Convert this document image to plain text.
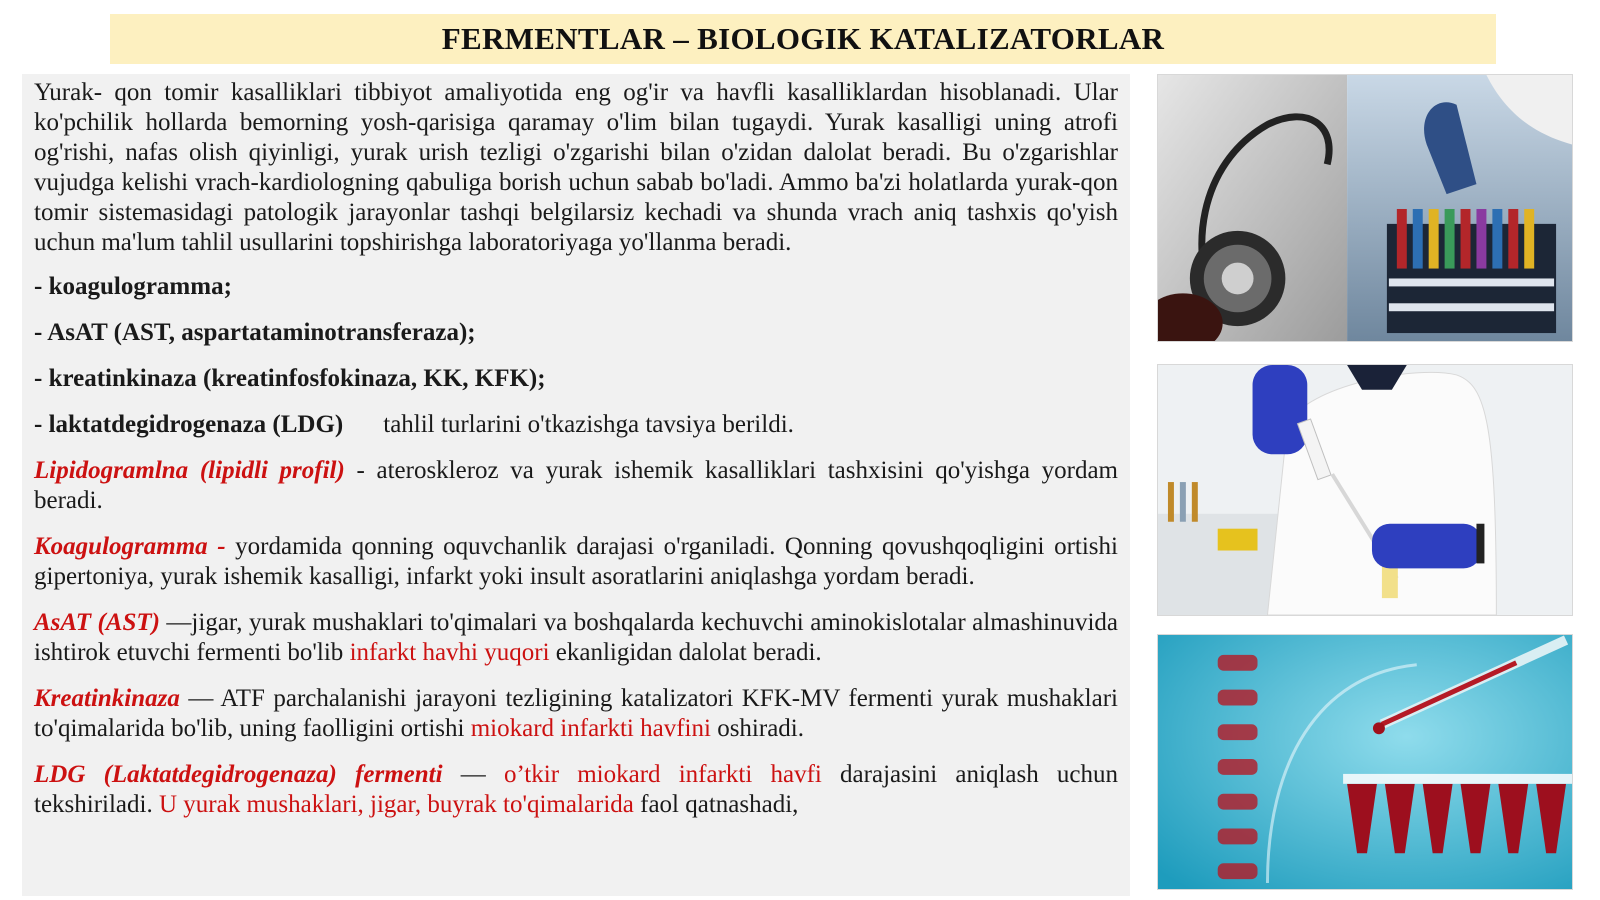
FERMENTLAR – BIOLOGIK KATALIZATORLAR

Yurak- qon tomir kasalliklari tibbiyot amaliyotida eng og'ir va havfli kasalliklardan hisoblanadi. Ular ko'pchilik hollarda bemorning yosh-qarisiga qaramay o'lim bilan tugaydi. Yurak kasalligi uning atrofi og'rishi, nafas olish qiyinligi, yurak urish tezligi o'zgarishi bilan o'zidan dalolat beradi. Bu o'zgarishlar vujudga kelishi vrach-kardiologning qabuliga borish uchun sabab bo'ladi. Ammo ba'zi holatlarda yurak-qon tomir sistemasidagi patologik jarayonlar tashqi belgilarsiz kechadi va shunda vrach aniq tashxis qo'yish uchun ma'lum tahlil usullarini topshirishga laboratoriyaga yo'llanma beradi.

- koagulogramma;

- AsAT (AST, aspartataminotransferaza);

- kreatinkinaza (kreatinfosfokinaza, KK, KFK);

- laktatdegidrogenaza (LDG) tahlil turlarini o'tkazishga tavsiya berildi.

Lipidogramlna (lipidli profil) - ateroskleroz va yurak ishemik kasalliklari tashxisini qo'yishga yordam beradi.

Koagulogramma - yordamida qonning oquvchanlik darajasi o'rganiladi. Qonning qovushqoqligini ortishi gipertoniya, yurak ishemik kasalligi, infarkt yoki insult asoratlarini aniqlashga yordam beradi.

AsAT (AST) —jigar, yurak mushaklari to'qimalari va boshqalarda kechuvchi aminokislotalar almashinuvida ishtirok etuvchi fermenti bo'lib infarkt havhi yuqori ekanligidan dalolat beradi.

Kreatinkinaza — ATF parchalanishi jarayoni tezligining katalizatori KFK-MV fermenti yurak mushaklari to'qimalarida bo'lib, uning faolligini ortishi miokard infarkti havfini oshiradi.

LDG (Laktatdegidrogenaza) fermenti — o’tkir miokard infarkti havfi darajasini aniqlash uchun tekshiriladi. U yurak mushaklari, jigar, buyrak to'qimalarida faol qatnashadi,
